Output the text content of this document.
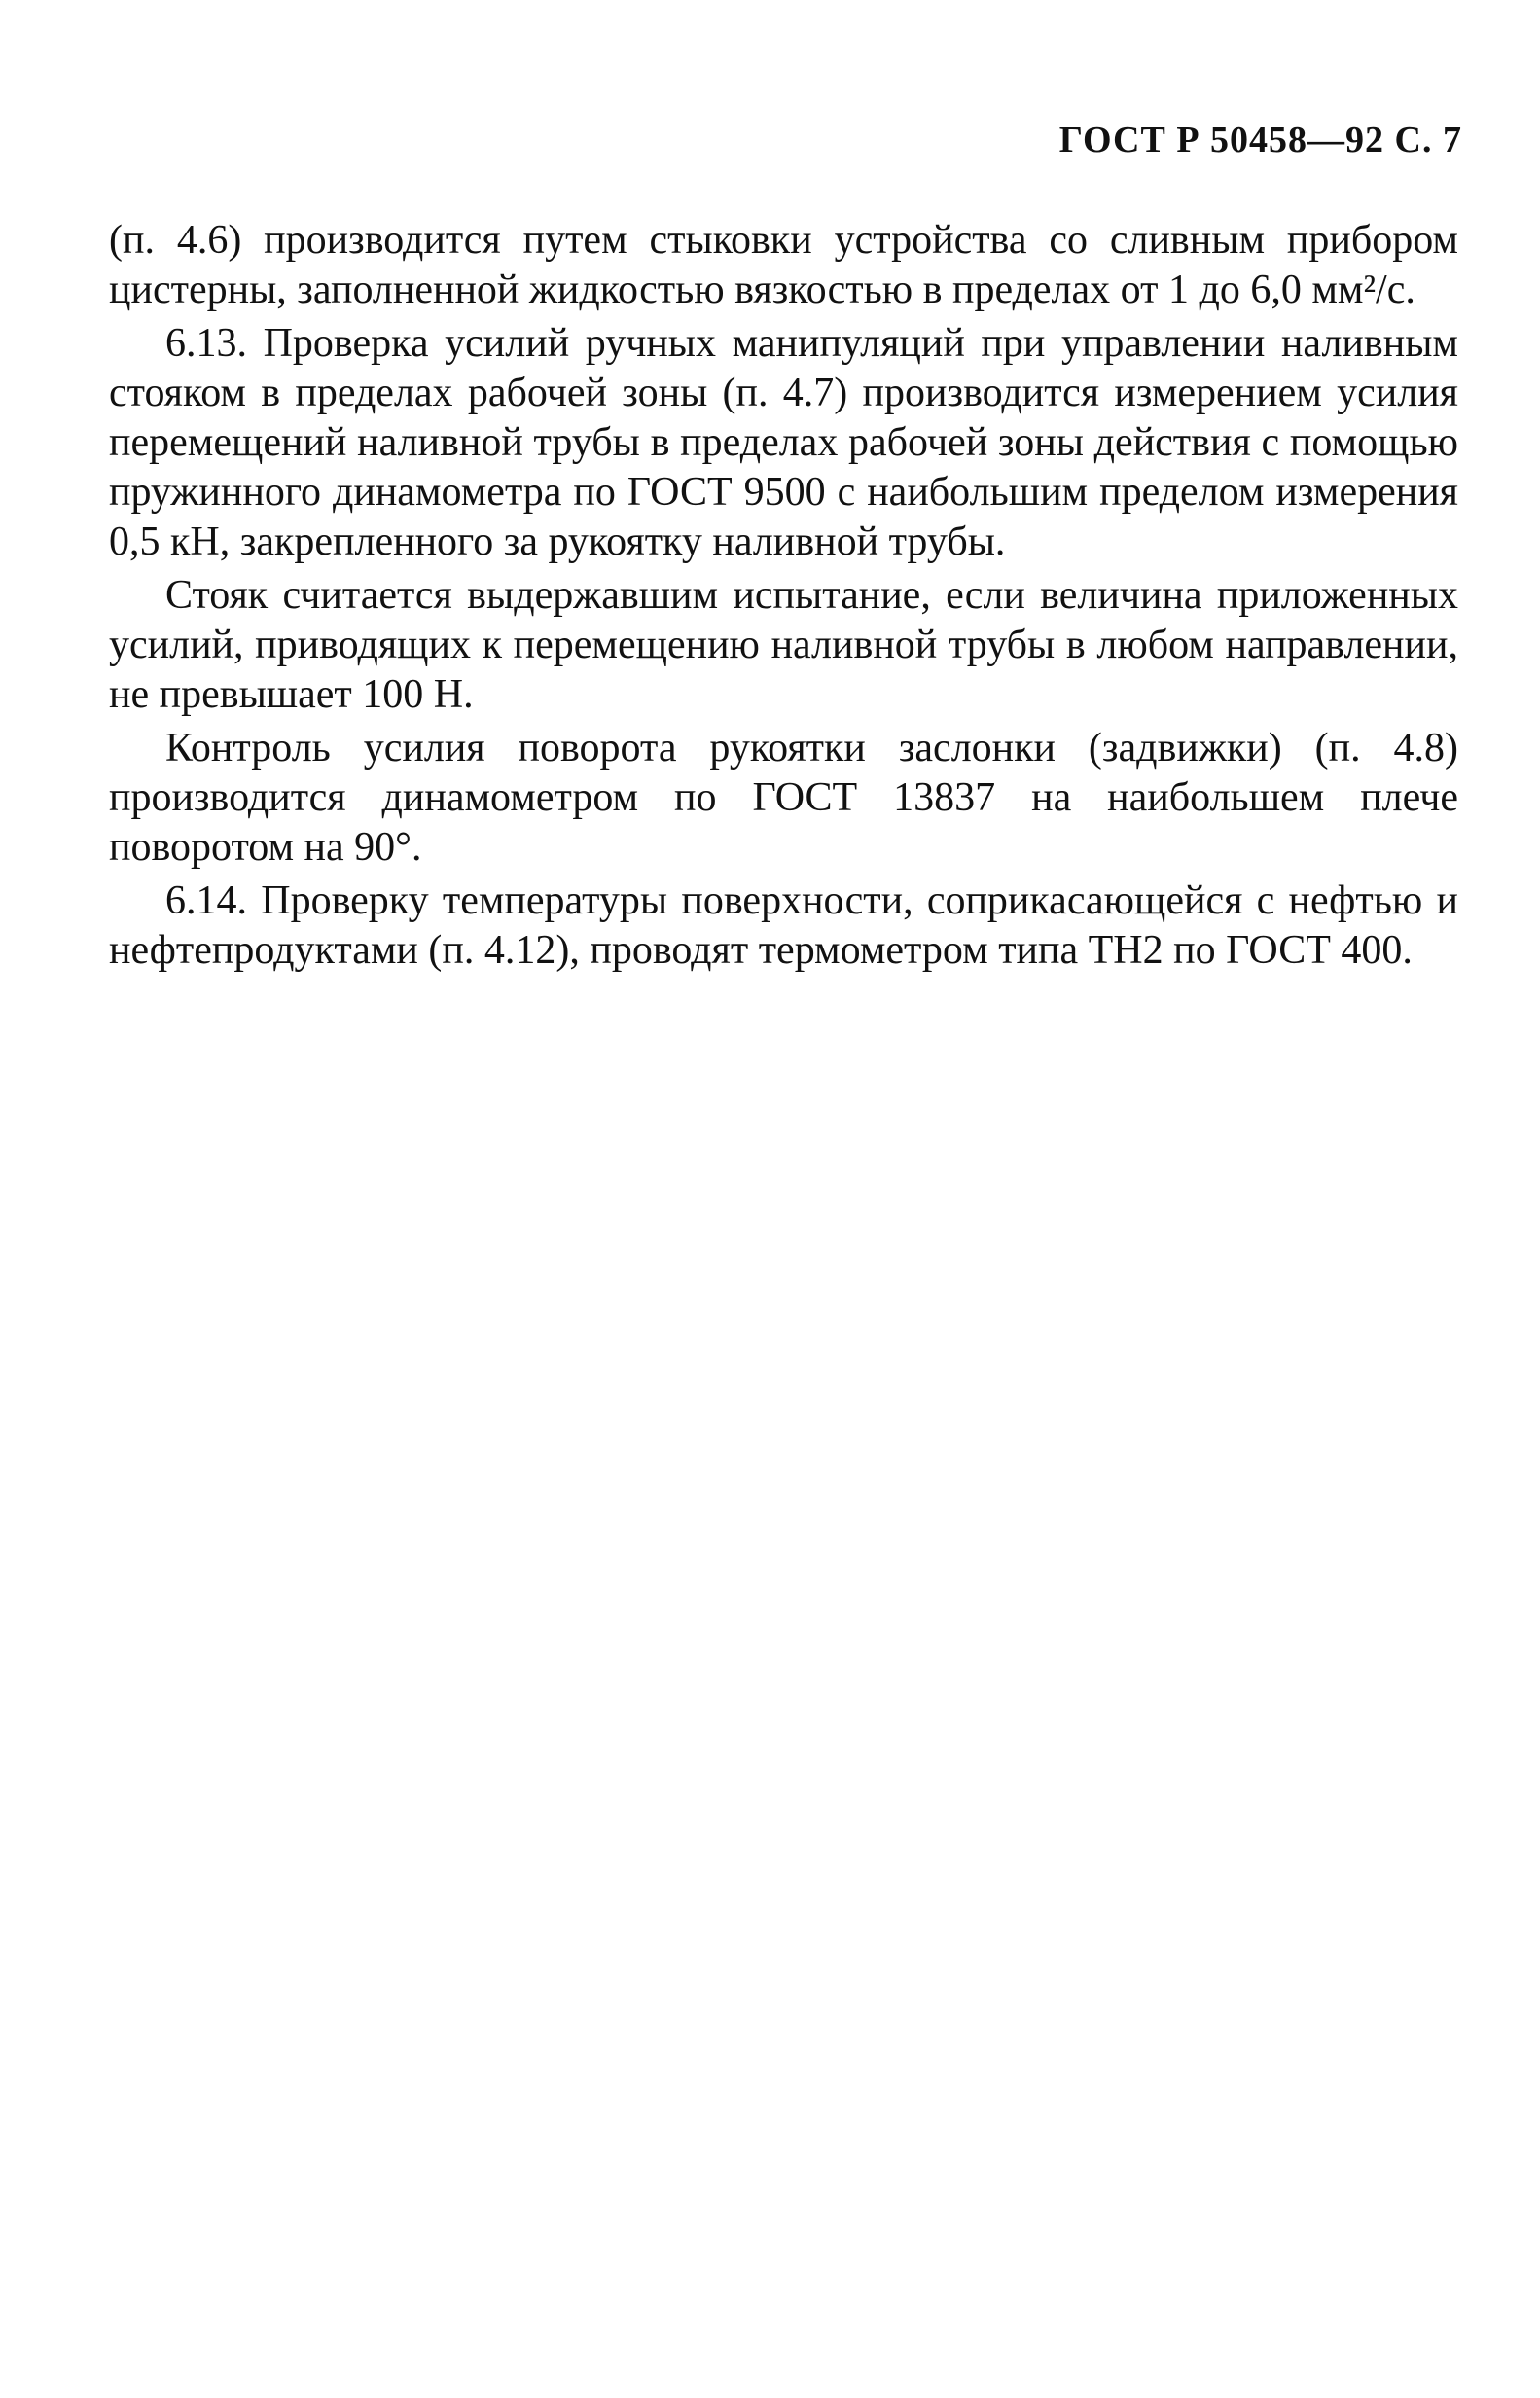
ГОСТ Р 50458—92 С. 7

(п. 4.6) производится путем стыковки устройства со сливным прибором цистерны, заполненной жидкостью вязкостью в пределах от 1 до 6,0 мм²/с.

6.13. Проверка усилий ручных манипуляций при управлении наливным стояком в пределах рабочей зоны (п. 4.7) производится измерением усилия перемещений наливной трубы в пределах рабочей зоны действия с помощью пружинного динамометра по ГОСТ 9500 с наибольшим пределом измерения 0,5 кН, закрепленного за рукоятку наливной трубы.

Стояк считается выдержавшим испытание, если величина приложенных усилий, приводящих к перемещению наливной трубы в любом направлении, не превышает 100 Н.

Контроль усилия поворота рукоятки заслонки (задвижки) (п. 4.8) производится динамометром по ГОСТ 13837 на наибольшем плече поворотом на 90°.

6.14. Проверку температуры поверхности, соприкасающейся с нефтью и нефтепродуктами (п. 4.12), проводят термометром типа ТН2 по ГОСТ 400.
